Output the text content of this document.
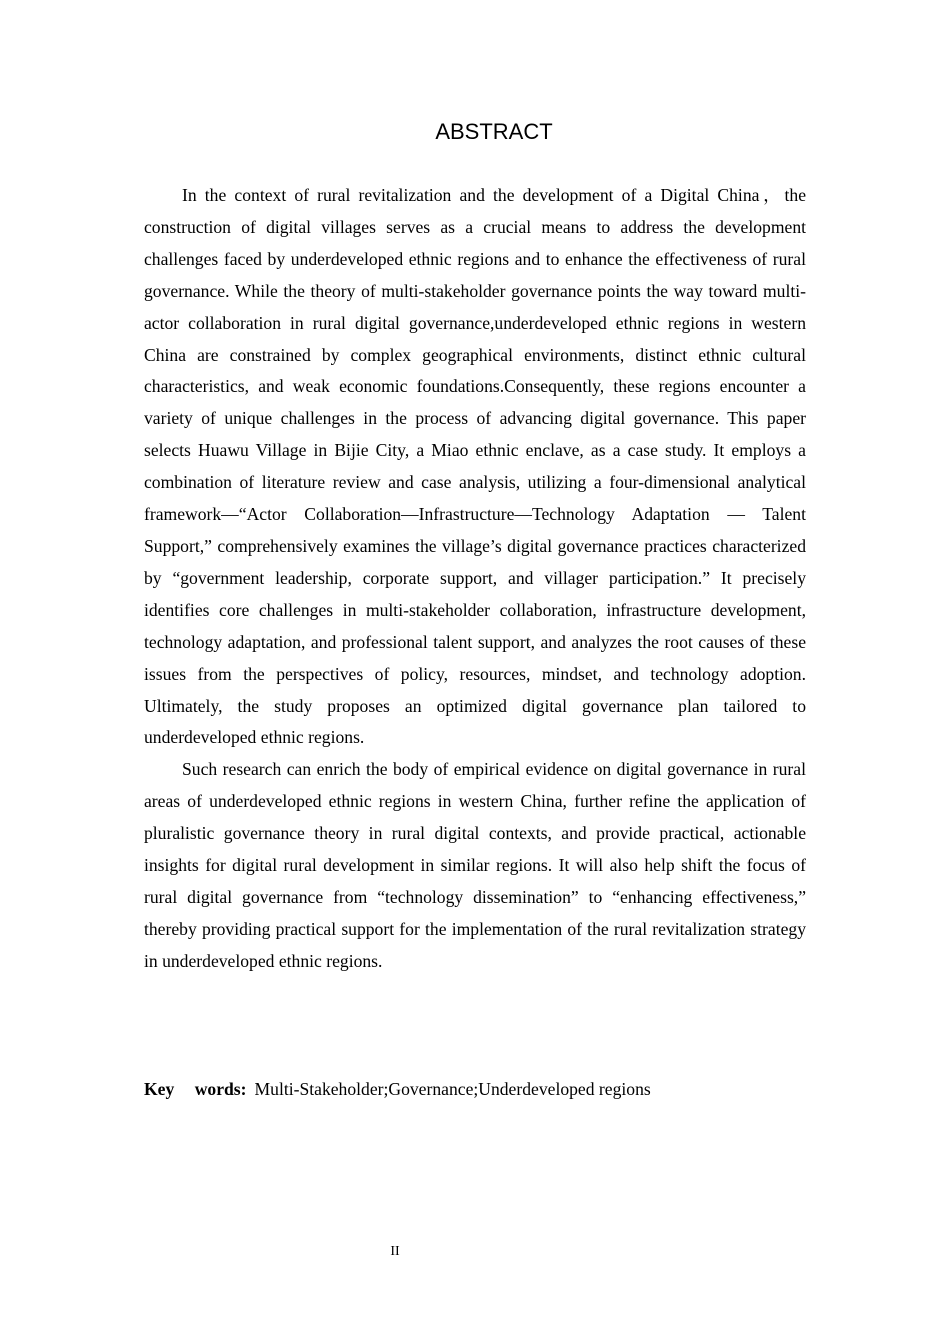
ABSTRACT

In the context of rural revitalization and the development of a Digital China，the construction of digital villages serves as a crucial means to address the development challenges faced by underdeveloped ethnic regions and to enhance the effectiveness of rural governance. While the theory of multi-stakeholder governance points the way toward multi-actor collaboration in rural digital governance,underdeveloped ethnic regions in western China are constrained by complex geographical environments, distinct ethnic cultural characteristics, and weak economic foundations.Consequently, these regions encounter a variety of unique challenges in the process of advancing digital governance. This paper selects Huawu Village in Bijie City, a Miao ethnic enclave, as a case study. It employs a combination of literature review and case analysis, utilizing a four-dimensional analytical framework—“Actor Collaboration—Infrastructure—Technology Adaptation — Talent Support,” comprehensively examines the village’s digital governance practices characterized by “government leadership, corporate support, and villager participation.” It precisely identifies core challenges in multi-stakeholder collaboration, infrastructure development, technology adaptation, and professional talent support, and analyzes the root causes of these issues from the perspectives of policy, resources, mindset, and technology adoption. Ultimately, the study proposes an optimized digital governance plan tailored to underdeveloped ethnic regions.

Such research can enrich the body of empirical evidence on digital governance in rural areas of underdeveloped ethnic regions in western China, further refine the application of pluralistic governance theory in rural digital contexts, and provide practical, actionable insights for digital rural development in similar regions. It will also help shift the focus of rural digital governance from “technology dissemination” to “enhancing effectiveness,” thereby providing practical support for the implementation of the rural revitalization strategy in underdeveloped ethnic regions.

Key words: Multi-Stakeholder;Governance;Underdeveloped regions
II
